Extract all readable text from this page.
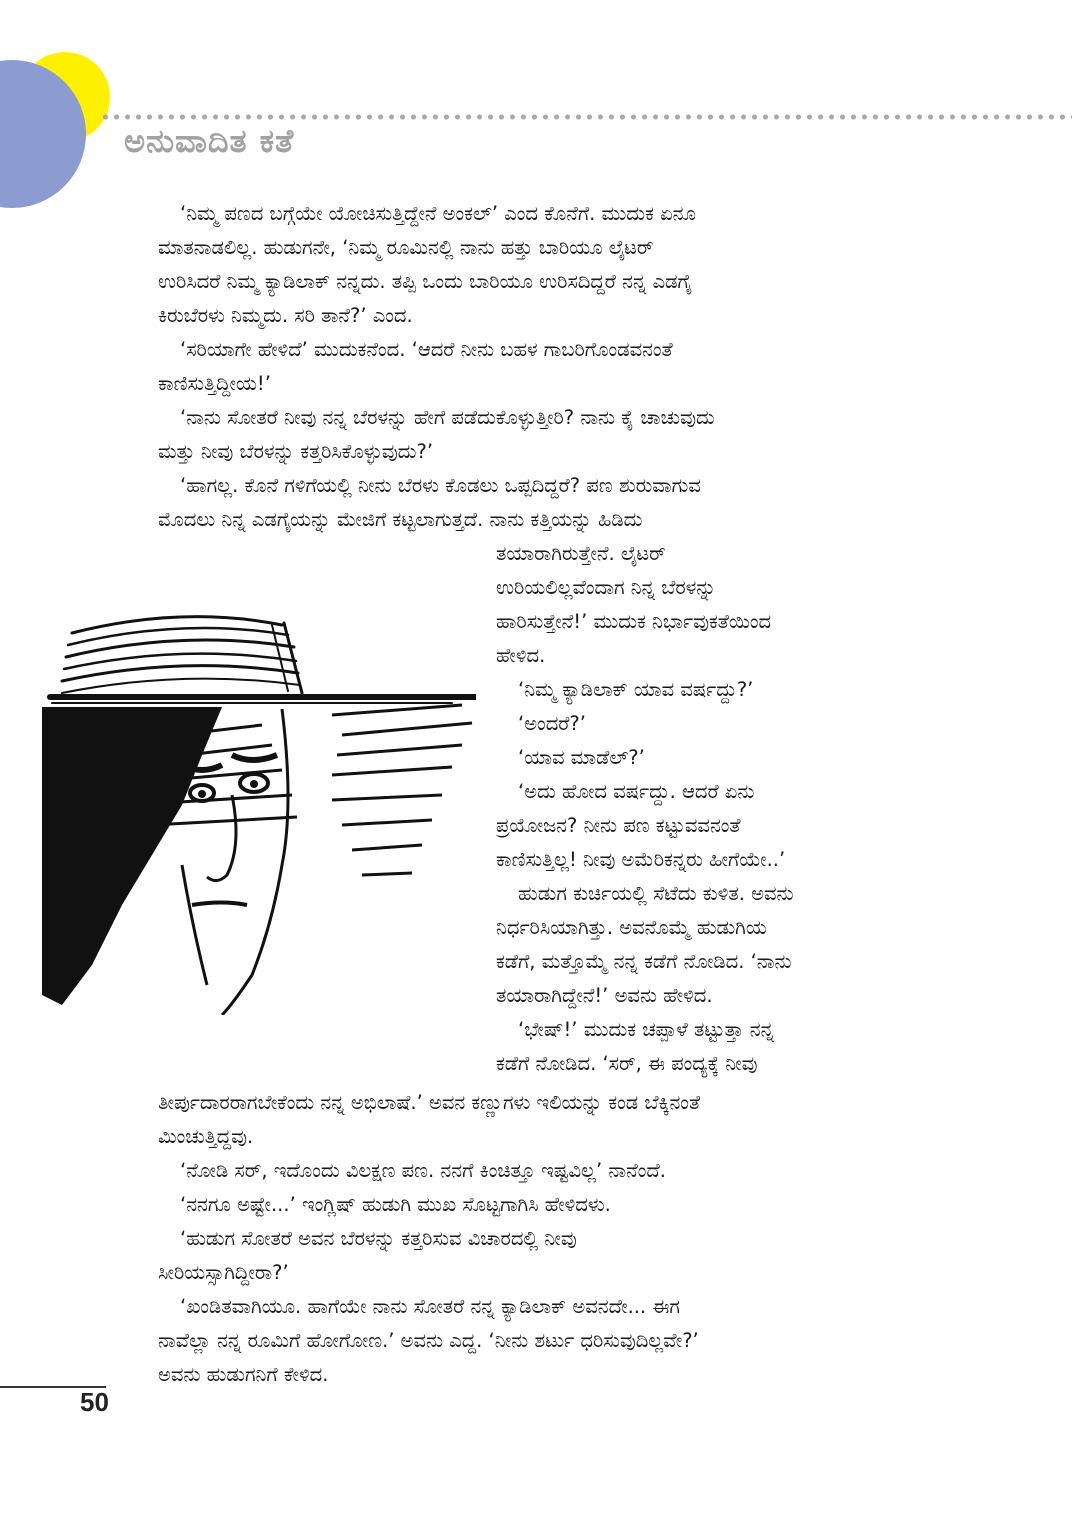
ಅನುವಾದಿತ ಕತೆ

‘ನಿಮ್ಮ ಪಣದ ಬಗ್ಗೆಯೇ ಯೋಚಿಸುತ್ತಿದ್ದೇನೆ ಅಂಕಲ್’ ಎಂದ ಕೊನೆಗೆ. ಮುದುಕ ಏನೂ

ಮಾತನಾಡಲಿಲ್ಲ. ಹುಡುಗನೇ, ‘ನಿಮ್ಮ ರೂಮಿನಲ್ಲಿ ನಾನು ಹತ್ತು ಬಾರಿಯೂ ಲೈಟರ್

ಉರಿಸಿದರೆ ನಿಮ್ಮ ಕ್ಯಾಡಿಲಾಕ್ ನನ್ನದು. ತಪ್ಪಿ ಒಂದು ಬಾರಿಯೂ ಉರಿಸದಿದ್ದರೆ ನನ್ನ ಎಡಗೈ

ಕಿರುಬೆರಳು ನಿಮ್ಮದು. ಸರಿ ತಾನೆ?’ ಎಂದ.

‘ಸರಿಯಾಗೇ ಹೇಳಿದೆ’ ಮುದುಕನೆಂದ. ‘ಆದರೆ ನೀನು ಬಹಳ ಗಾಬರಿಗೊಂಡವನಂತೆ

ಕಾಣಿಸುತ್ತಿದ್ದೀಯ!’

‘ನಾನು ಸೋತರೆ ನೀವು ನನ್ನ ಬೆರಳನ್ನು ಹೇಗೆ ಪಡೆದುಕೊಳ್ಳುತ್ತೀರಿ? ನಾನು ಕೈ ಚಾಚುವುದು

ಮತ್ತು ನೀವು ಬೆರಳನ್ನು ಕತ್ತರಿಸಿಕೊಳ್ಳುವುದು?’

‘ಹಾಗಲ್ಲ. ಕೊನೆ ಗಳಿಗೆಯಲ್ಲಿ ನೀನು ಬೆರಳು ಕೊಡಲು ಒಪ್ಪದಿದ್ದರೆ? ಪಣ ಶುರುವಾಗುವ

ಮೊದಲು ನಿನ್ನ ಎಡಗೈಯನ್ನು ಮೇಜಿಗೆ ಕಟ್ಟಲಾಗುತ್ತದೆ. ನಾನು ಕತ್ತಿಯನ್ನು ಹಿಡಿದು

ತಯಾರಾಗಿರುತ್ತೇನೆ. ಲೈಟರ್

ಉರಿಯಲಿಲ್ಲವೆಂದಾಗ ನಿನ್ನ ಬೆರಳನ್ನು

ಹಾರಿಸುತ್ತೇನೆ!’ ಮುದುಕ ನಿರ್ಭಾವುಕತೆಯಿಂದ

ಹೇಳಿದ.

‘ನಿಮ್ಮ ಕ್ಯಾಡಿಲಾಕ್ ಯಾವ ವರ್ಷದ್ದು?’

‘ಅಂದರೆ?’

‘ಯಾವ ಮಾಡೆಲ್?’

‘ಅದು ಹೋದ ವರ್ಷದ್ದು. ಆದರೆ ಏನು

ಪ್ರಯೋಜನ? ನೀನು ಪಣ ಕಟ್ಟುವವನಂತೆ

ಕಾಣಿಸುತ್ತಿಲ್ಲ! ನೀವು ಅಮೆರಿಕನ್ನರು ಹೀಗೆಯೇ..’

ಹುಡುಗ ಕುರ್ಚಿಯಲ್ಲಿ ಸೆಟೆದು ಕುಳಿತ. ಅವನು

ನಿರ್ಧರಿಸಿಯಾಗಿತ್ತು. ಅವನೊಮ್ಮೆ ಹುಡುಗಿಯ

ಕಡೆಗೆ, ಮತ್ತೊಮ್ಮೆ ನನ್ನ ಕಡೆಗೆ ನೋಡಿದ. ‘ನಾನು

ತಯಾರಾಗಿದ್ದೇನೆ!’ ಅವನು ಹೇಳಿದ.

‘ಭೇಷ್!’ ಮುದುಕ ಚಪ್ಪಾಳೆ ತಟ್ಟುತ್ತಾ ನನ್ನ

ಕಡೆಗೆ ನೋಡಿದ. ‘ಸರ್, ಈ ಪಂದ್ಯಕ್ಕೆ ನೀವು

ತೀರ್ಪುದಾರರಾಗಬೇಕೆಂದು ನನ್ನ ಅಭಿಲಾಷೆ.’ ಅವನ ಕಣ್ಣುಗಳು ಇಲಿಯನ್ನು ಕಂಡ ಬೆಕ್ಕಿನಂತೆ

ಮಿಂಚುತ್ತಿದ್ದವು.

‘ನೋಡಿ ಸರ್, ಇದೊಂದು ವಿಲಕ್ಷಣ ಪಣ. ನನಗೆ ಕಿಂಚಿತ್ತೂ ಇಷ್ಟವಿಲ್ಲ’ ನಾನೆಂದೆ.

‘ನನಗೂ ಅಷ್ಟೇ...’ ಇಂಗ್ಲಿಷ್ ಹುಡುಗಿ ಮುಖ ಸೊಟ್ಟಗಾಗಿಸಿ ಹೇಳಿದಳು.

‘ಹುಡುಗ ಸೋತರೆ ಅವನ ಬೆರಳನ್ನು ಕತ್ತರಿಸುವ ವಿಚಾರದಲ್ಲಿ ನೀವು

ಸೀರಿಯಸ್ಸಾಗಿದ್ದೀರಾ?’

‘ಖಂಡಿತವಾಗಿಯೂ. ಹಾಗೆಯೇ ನಾನು ಸೋತರೆ ನನ್ನ ಕ್ಯಾಡಿಲಾಕ್ ಅವನದೇ... ಈಗ

ನಾವೆಲ್ಲಾ ನನ್ನ ರೂಮಿಗೆ ಹೋಗೋಣ.’ ಅವನು ಎದ್ದ. ‘ನೀನು ಶರ್ಟು ಧರಿಸುವುದಿಲ್ಲವೇ?’

ಅವನು ಹುಡುಗನಿಗೆ ಕೇಳಿದ.

50
